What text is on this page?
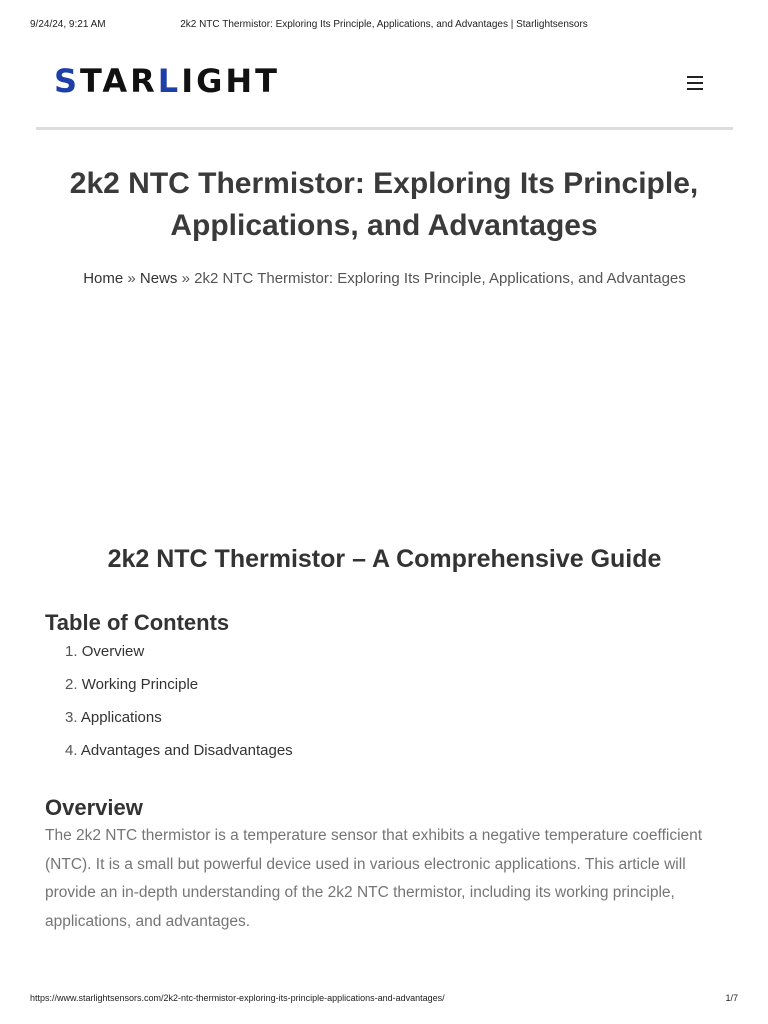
9/24/24, 9:21 AM	2k2 NTC Thermistor: Exploring Its Principle, Applications, and Advantages | Starlightsensors
STARLIGHT
2k2 NTC Thermistor: Exploring Its Principle, Applications, and Advantages
Home » News » 2k2 NTC Thermistor: Exploring Its Principle, Applications, and Advantages
2k2 NTC Thermistor – A Comprehensive Guide
Table of Contents
1. Overview
2. Working Principle
3. Applications
4. Advantages and Disadvantages
Overview

The 2k2 NTC thermistor is a temperature sensor that exhibits a negative temperature coefficient (NTC). It is a small but powerful device used in various electronic applications. This article will provide an in-depth understanding of the 2k2 NTC thermistor, including its working principle, applications, and advantages.

https://www.starlightsensors.com/2k2-ntc-thermistor-exploring-its-principle-applications-and-advantages/	1/7
